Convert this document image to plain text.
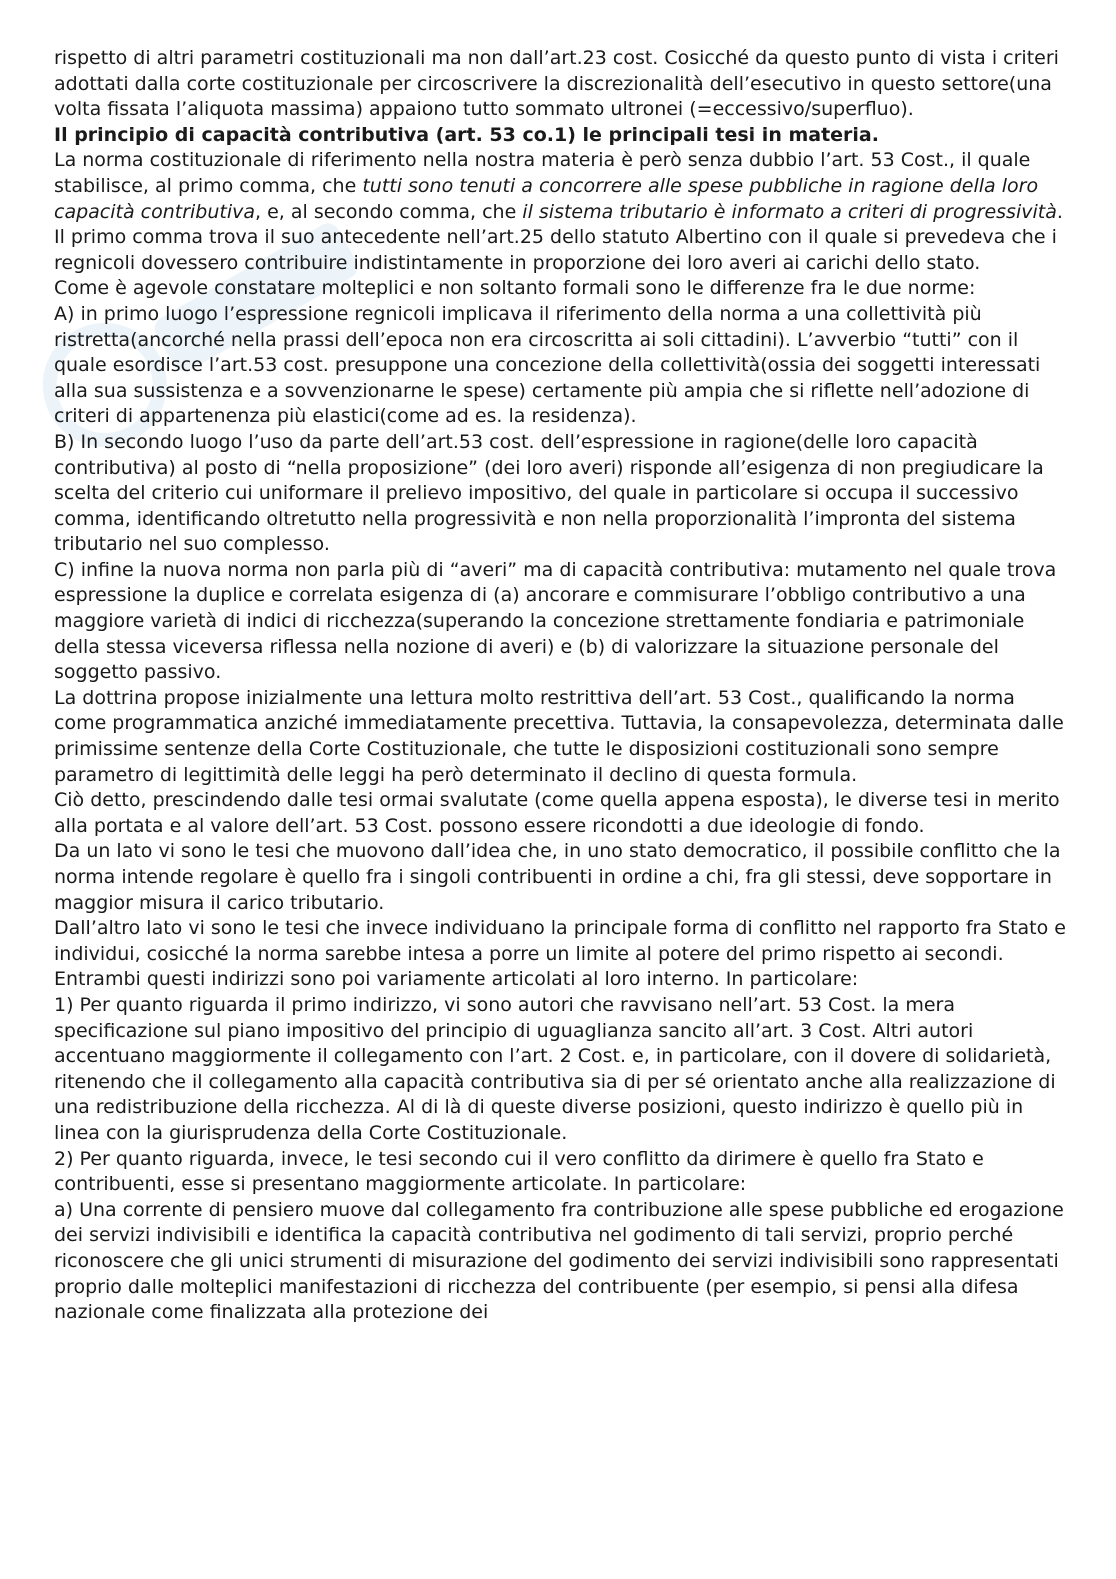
rispetto di altri parametri costituzionali ma non dall’art.23 cost. Cosicché da questo punto di vista i criteri adottati dalla corte costituzionale per circoscrivere la discrezionalità dell’esecutivo in questo settore(una volta fissata l’aliquota massima) appaiono tutto sommato ultronei (=eccessivo/superfluo).

Il principio di capacità contributiva (art. 53 co.1) le principali tesi in materia.

La norma costituzionale di riferimento nella nostra materia è però senza dubbio l’art. 53 Cost., il quale stabilisce, al primo comma, che tutti sono tenuti a concorrere alle spese pubbliche in ragione della loro capacità contributiva, e, al secondo comma, che il sistema tributario è informato a criteri di progressività.

Il primo comma trova il suo antecedente nell’art.25 dello statuto Albertino con il quale si prevedeva che i regnicoli dovessero contribuire indistintamente in proporzione dei loro averi ai carichi dello stato.

Come è agevole constatare molteplici e non soltanto formali sono le differenze fra le due norme:

A) in primo luogo l’espressione regnicoli implicava il riferimento della norma a una collettività più ristretta(ancorché nella prassi dell’epoca non era circoscritta ai soli cittadini). L’avverbio “tutti” con il quale esordisce l’art.53 cost. presuppone una concezione della collettività(ossia dei soggetti interessati alla sua sussistenza e a sovvenzionarne le spese) certamente più ampia che si riflette nell’adozione di criteri di appartenenza più elastici(come ad es. la residenza).

B) In secondo luogo l’uso da parte dell’art.53 cost. dell’espressione in ragione(delle loro capacità contributiva) al posto di “nella proposizione” (dei loro averi) risponde all’esigenza di non pregiudicare la scelta del criterio cui uniformare il prelievo impositivo, del quale in particolare si occupa il successivo comma, identificando oltretutto nella progressività e non nella proporzionalità l’impronta del sistema tributario nel suo complesso.

C) infine la nuova norma non parla più di “averi” ma di capacità contributiva: mutamento nel quale trova espressione la duplice e correlata esigenza di (a) ancorare e commisurare l’obbligo contributivo a una maggiore varietà di indici di ricchezza(superando la concezione strettamente fondiaria e patrimoniale della stessa viceversa riflessa nella nozione di averi) e (b) di valorizzare la situazione personale del soggetto passivo.

La dottrina propose inizialmente una lettura molto restrittiva dell’art. 53 Cost., qualificando la norma come programmatica anziché immediatamente precettiva. Tuttavia, la consapevolezza, determinata dalle primissime sentenze della Corte Costituzionale, che tutte le disposizioni costituzionali sono sempre parametro di legittimità delle leggi ha però determinato il declino di questa formula.

Ciò detto, prescindendo dalle tesi ormai svalutate (come quella appena esposta), le diverse tesi in merito alla portata e al valore dell’art. 53 Cost. possono essere ricondotti a due ideologie di fondo.

Da un lato vi sono le tesi che muovono dall’idea che, in uno stato democratico, il possibile conflitto che la norma intende regolare è quello fra i singoli contribuenti in ordine a chi, fra gli stessi, deve sopportare in maggior misura il carico tributario.

Dall’altro lato vi sono le tesi che invece individuano la principale forma di conflitto nel rapporto fra Stato e individui, cosicché la norma sarebbe intesa a porre un limite al potere del primo rispetto ai secondi. Entrambi questi indirizzi sono poi variamente articolati al loro interno. In particolare:

1) Per quanto riguarda il primo indirizzo, vi sono autori che ravvisano nell’art. 53 Cost. la mera specificazione sul piano impositivo del principio di uguaglianza sancito all’art. 3 Cost. Altri autori accentuano maggiormente il collegamento con l’art. 2 Cost. e, in particolare, con il dovere di solidarietà, ritenendo che il collegamento alla capacità contributiva sia di per sé orientato anche alla realizzazione di una redistribuzione della ricchezza. Al di là di queste diverse posizioni, questo indirizzo è quello più in linea con la giurisprudenza della Corte Costituzionale.

2) Per quanto riguarda, invece, le tesi secondo cui il vero conflitto da dirimere è quello fra Stato e contribuenti, esse si presentano maggiormente articolate. In particolare:

a) Una corrente di pensiero muove dal collegamento fra contribuzione alle spese pubbliche ed erogazione dei servizi indivisibili e identifica la capacità contributiva nel godimento di tali servizi, proprio perché riconoscere che gli unici strumenti di misurazione del godimento dei servizi indivisibili sono rappresentati proprio dalle molteplici manifestazioni di ricchezza del contribuente (per esempio, si pensi alla difesa nazionale come finalizzata alla protezione dei
